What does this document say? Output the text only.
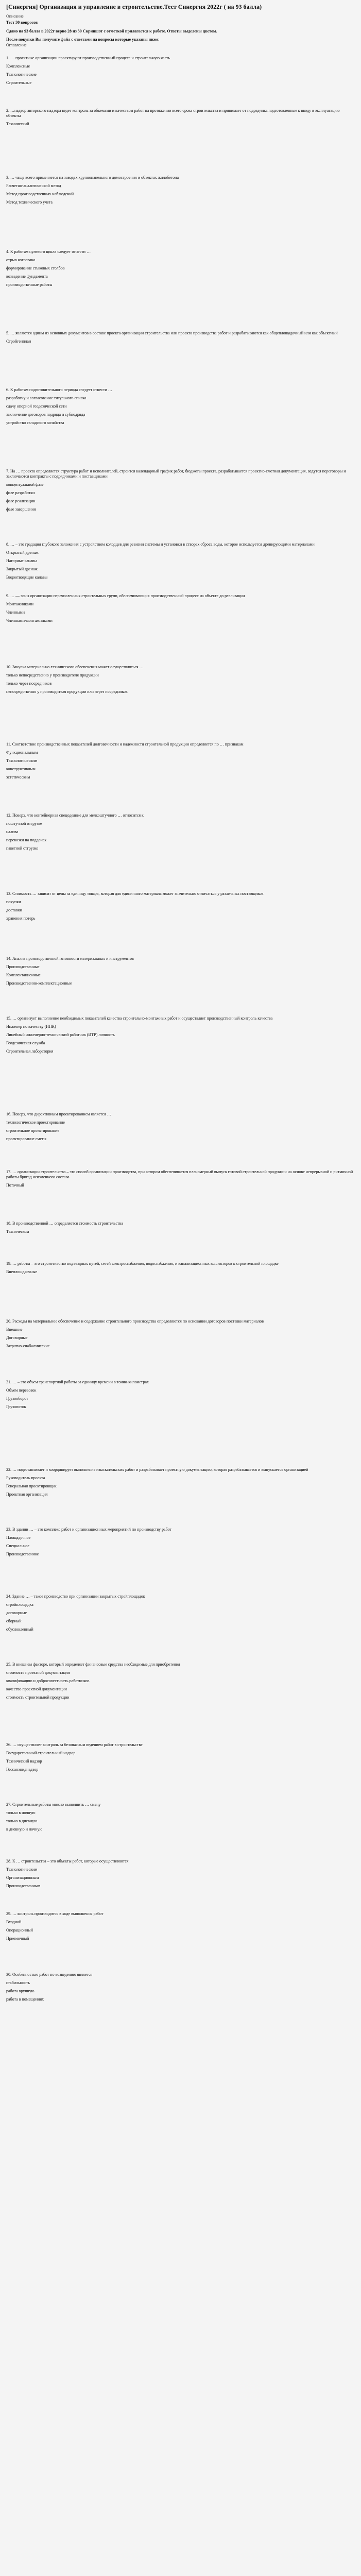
[Синергия] Организация и управление в строительстве.Тест Синергия 2022г ( на 93 балла)
Описание
Тест 30 вопросов
Сдано на 93 балла в 2022г верно 28 из 30 Скриншот с отметкой прилагается к работе. Ответы выделены цветом.
После покупки Вы получите файл с ответами на вопросы которые указаны ниже:
Оглавление
1. … проектные организации проектируют производственный процесс и строительную часть
Комплексные
Технологические
Строительные
2. …надзор авторского надзора ведет контроль за объемами и качеством работ на протяжении всего срока строительства и принимает от подрядчика подготовленные к вводу в эксплуатацию объекты
Технический
3. … чаще всего применяется на заводах крупнопанельного домостроения и объектах жилобетона
Расчетно-аналитический метод
Метод производственных наблюдений
Метод технического учета
4. К работам нулевого цикла следует отнести …
отрыв котлована
формирование стыковых столбов
возведение фундамента
производственные работы
5. … являются одним из основных документов в составе проекта организации строительства или проекта производства работ и разрабатываются как общеплощадочный или как объектный
Стройгенплан
6. К работам подготовительного периода следует отнести …
разработку и согласование титульного списка
сдачу опорной геодезической сети
заключение договоров подряда и субподряда
устройство складского хозяйства
7. На … проекта определяется структура работ и исполнителей, строится календарный график работ, бюджеты проекта, разрабатывается проектно-сметная документация, ведутся переговоры и заключаются контракты с подрядчиками и поставщиками
концептуальной фазе
фазе разработки
фазе реализации
фазе завершения
8. … – это градация глубокого заложения с устройством колодцев для ревизии системы и установки в створах сброса воды, которое используется дренирующими материалами
Открытый дренаж
Нагорные канавы
Закрытый дренаж
Водоотводящие канавы
9. … — зоны организации перечисленных строительных групп, обеспечивающих производственный процесс на объекте до реализации
Монтажниками
Членными
Членными-монтажниками
10. Закупка материально-технического обеспечения может осуществляться …
только непосредственно у производителя продукции
только через посредников
непосредственно у производителя продукции или через посредников
11. Соответствие производственных показателей долговечности и надежности строительной продукции определяется по … признакам
Функциональным
Технологическим
конструктивным
эстетическим
12. Поверх, что контейнерная спецодеяние для мелкоштучного … относится к
поштучной отгрузке
налива
перевозки на поддонах
пакетной отгрузке
13. Стоимость … зависит от цены за единицу товара, которая для единичного материала может значительно отличаться у различных поставщиков
покупки
доставки
хранения потерь
14. Анализ производственной готовности материальных и инструментов
Производственные
Комплектационные
Производственно-комплектационные
15. … организует выполнение необходимых показателей качества строительно-монтажных работ и осуществляет производственный контроль качества
Инженер по качеству (ИПК)
Линейный инженерно-технический работник (ИТР) личность
Геодезическая служба
Строительная лаборатория
16. Поверх, что директивным проектированием является …
технологическое проектирование
строительное проектирование
проектирование сметы
17. … организации строительства – это способ организации производства, при котором обеспечивается планомерный выпуск готовой строительной продукции на основе непрерывной и ритмичной работы бригад неизменного состава
Поточный
18. В производственной … определяется стоимость строительства
Техническом
19. … работы – это строительство подъездных путей, сетей электроснабжения, водоснабжения, и канализационных коллекторов к строительной площадке
Внеплощадочные
20. Расходы на материальное обеспечение и содержание строительного производства определяются по основании договоров поставки материалов
Внешние
Договорные
Затратно-снабженческие
21. … – это объем транспортной работы за единицу времени в тонно-километрах
Объем перевозок
Грузооборот
Грузопоток
22. … подготавливает и координирует выполнение изыскательских работ и разрабатывает проектную документацию, которая разрабатывается и выпускается организацией
Руководитель проекта
Генеральная проектировщик
Проектная организация
23. В здании … – это комплекс работ и организационных мероприятий по производству работ
Площадочное
Специальное
Производственное
24. Здание … – такое производство при организации закрытых стройплощадок
стройплощадка
договорные
сборный
обусловленный
25. В внешнем факторе, который определяет финансовые средства необходимые для приобретения
стоимость проектной документации
квалификацию и добросовестность работников
качество проектной документации
стоимость строительной продукции
26. … осуществляет контроль за безопасным ведением работ в строительстве
Государственный строительный надзор
Технический надзор
Госсанэпиднадзор
27. Строительные работы можно выполнить … смену
только в ночную
только в дневную
в дневную и ночную
28. К … строительства – это объекты работ, которые осуществляются
Технологическим
Организационным
Производственным
29. … контроль производится в ходе выполнения работ
Входной
Операционный
Приемочный
30. Особенностью работ по возведению является
стабильность
работа вручную
работа в помещениях
